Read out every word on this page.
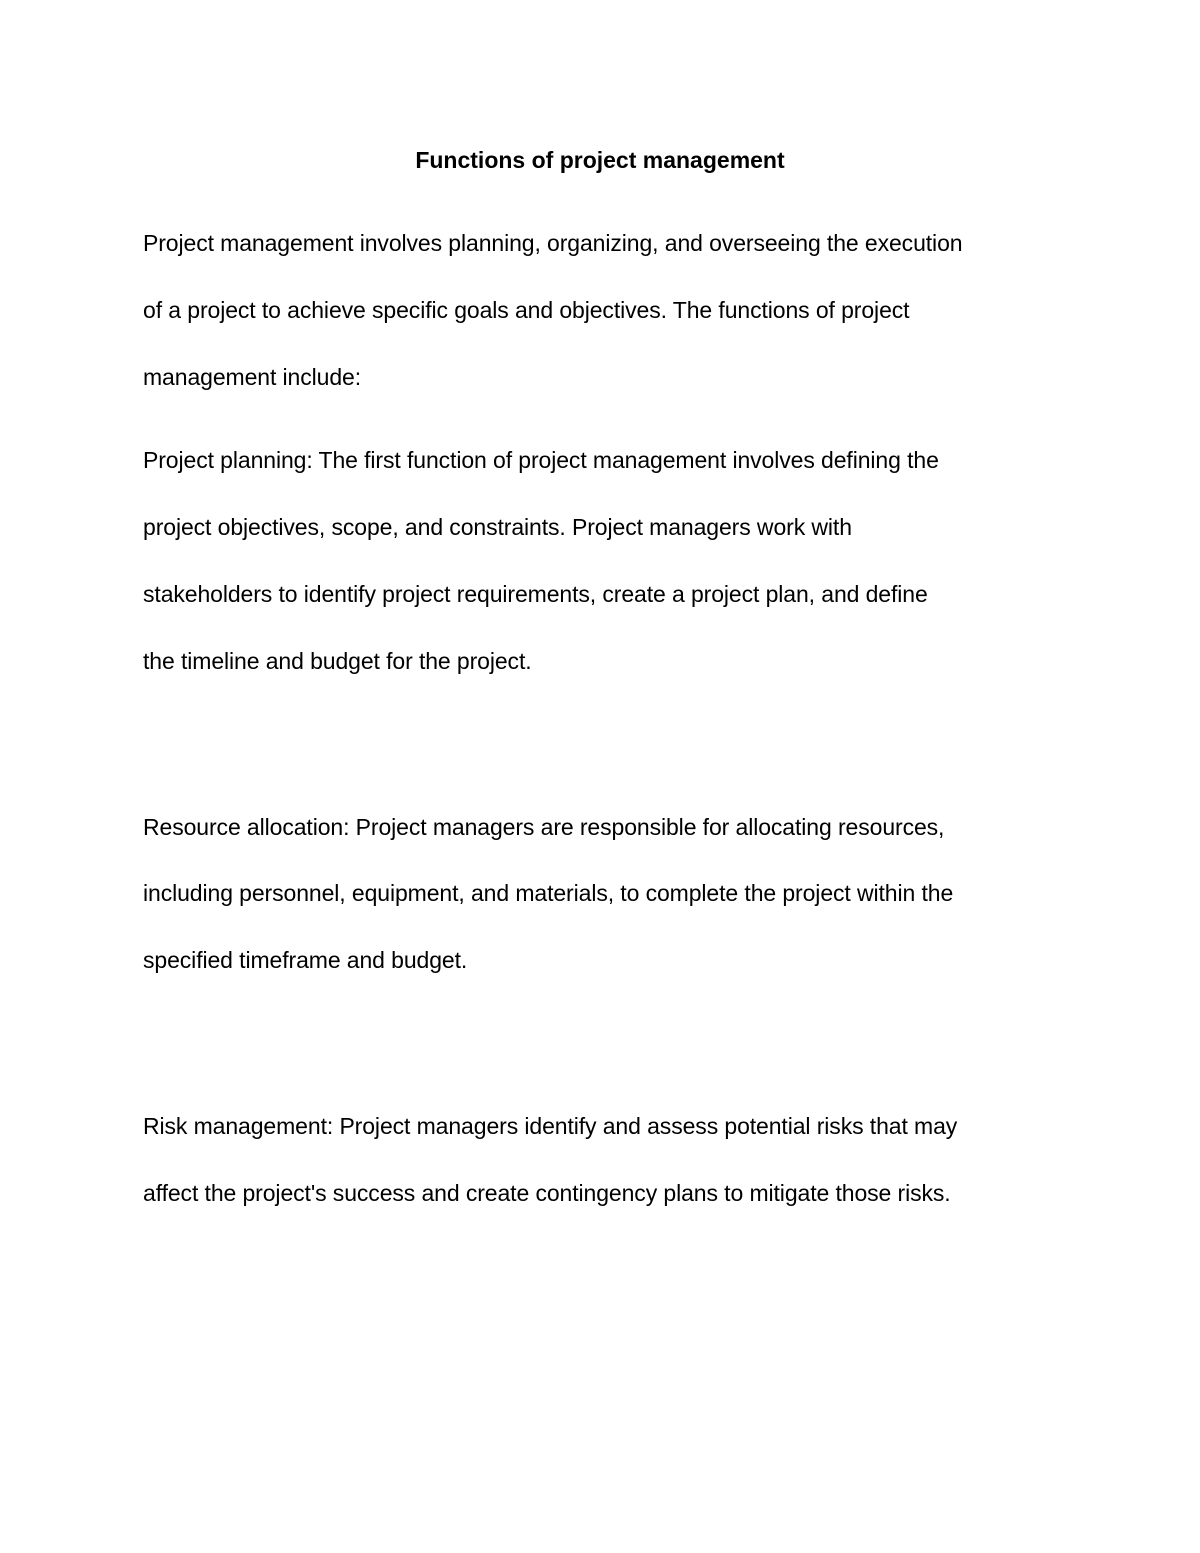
Functions of project management

Project management involves planning, organizing, and overseeing the execution

of a project to achieve specific goals and objectives. The functions of project

management include:

Project planning: The first function of project management involves defining the

project objectives, scope, and constraints. Project managers work with

stakeholders to identify project requirements, create a project plan, and define

the timeline and budget for the project.

Resource allocation: Project managers are responsible for allocating resources,

including personnel, equipment, and materials, to complete the project within the

specified timeframe and budget.

Risk management: Project managers identify and assess potential risks that may

affect the project's success and create contingency plans to mitigate those risks.
